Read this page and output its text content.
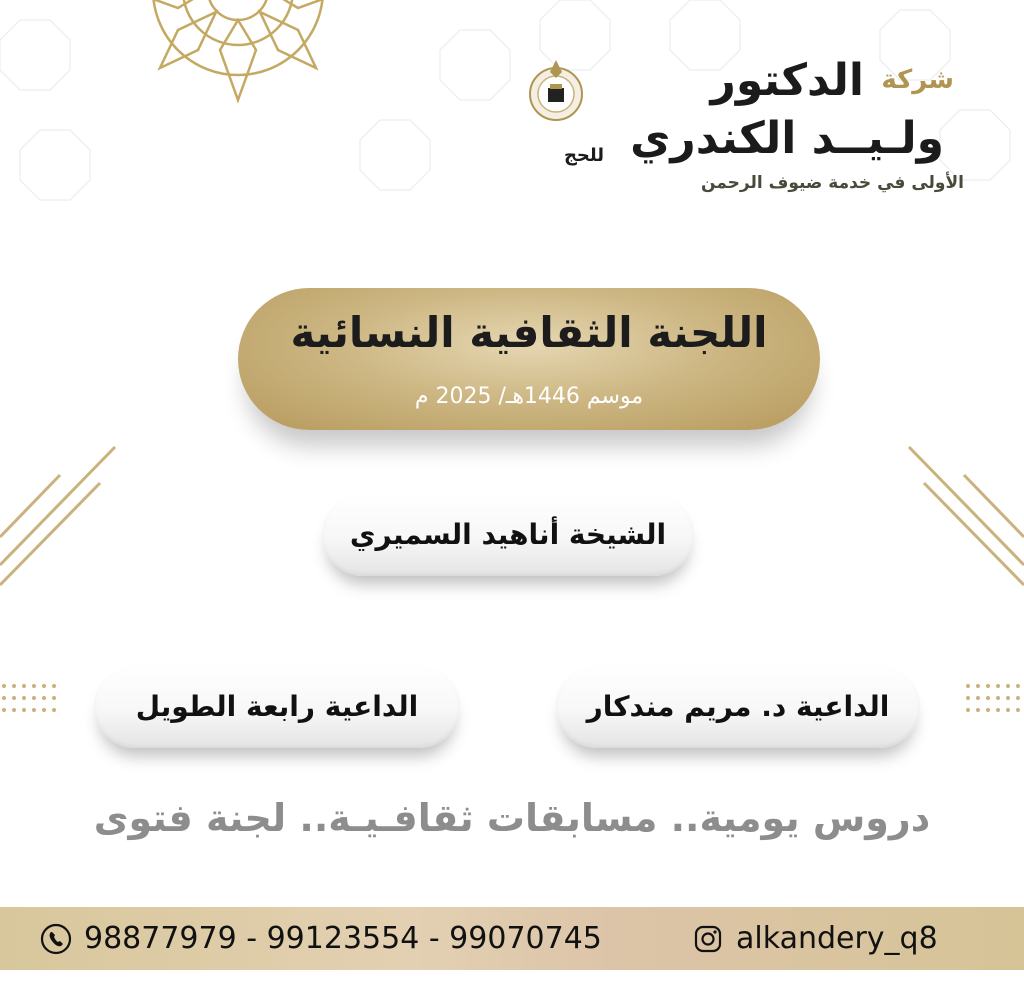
شركة
الدكتور
ولـيــد الكندري
للحج
الأولى في خدمة ضيوف الرحمن
اللجنة الثقافية النسائية
موسم 1446هـ/ 2025 م
الشيخة أناهيد السميري
الداعية د. مريم مندكار
الداعية رابعة الطويل
دروس يومية.. مسابقات ثقافـيـة.. لجنة فتوى
98877979 - 99123554 - 99070745	alkandery_q8
